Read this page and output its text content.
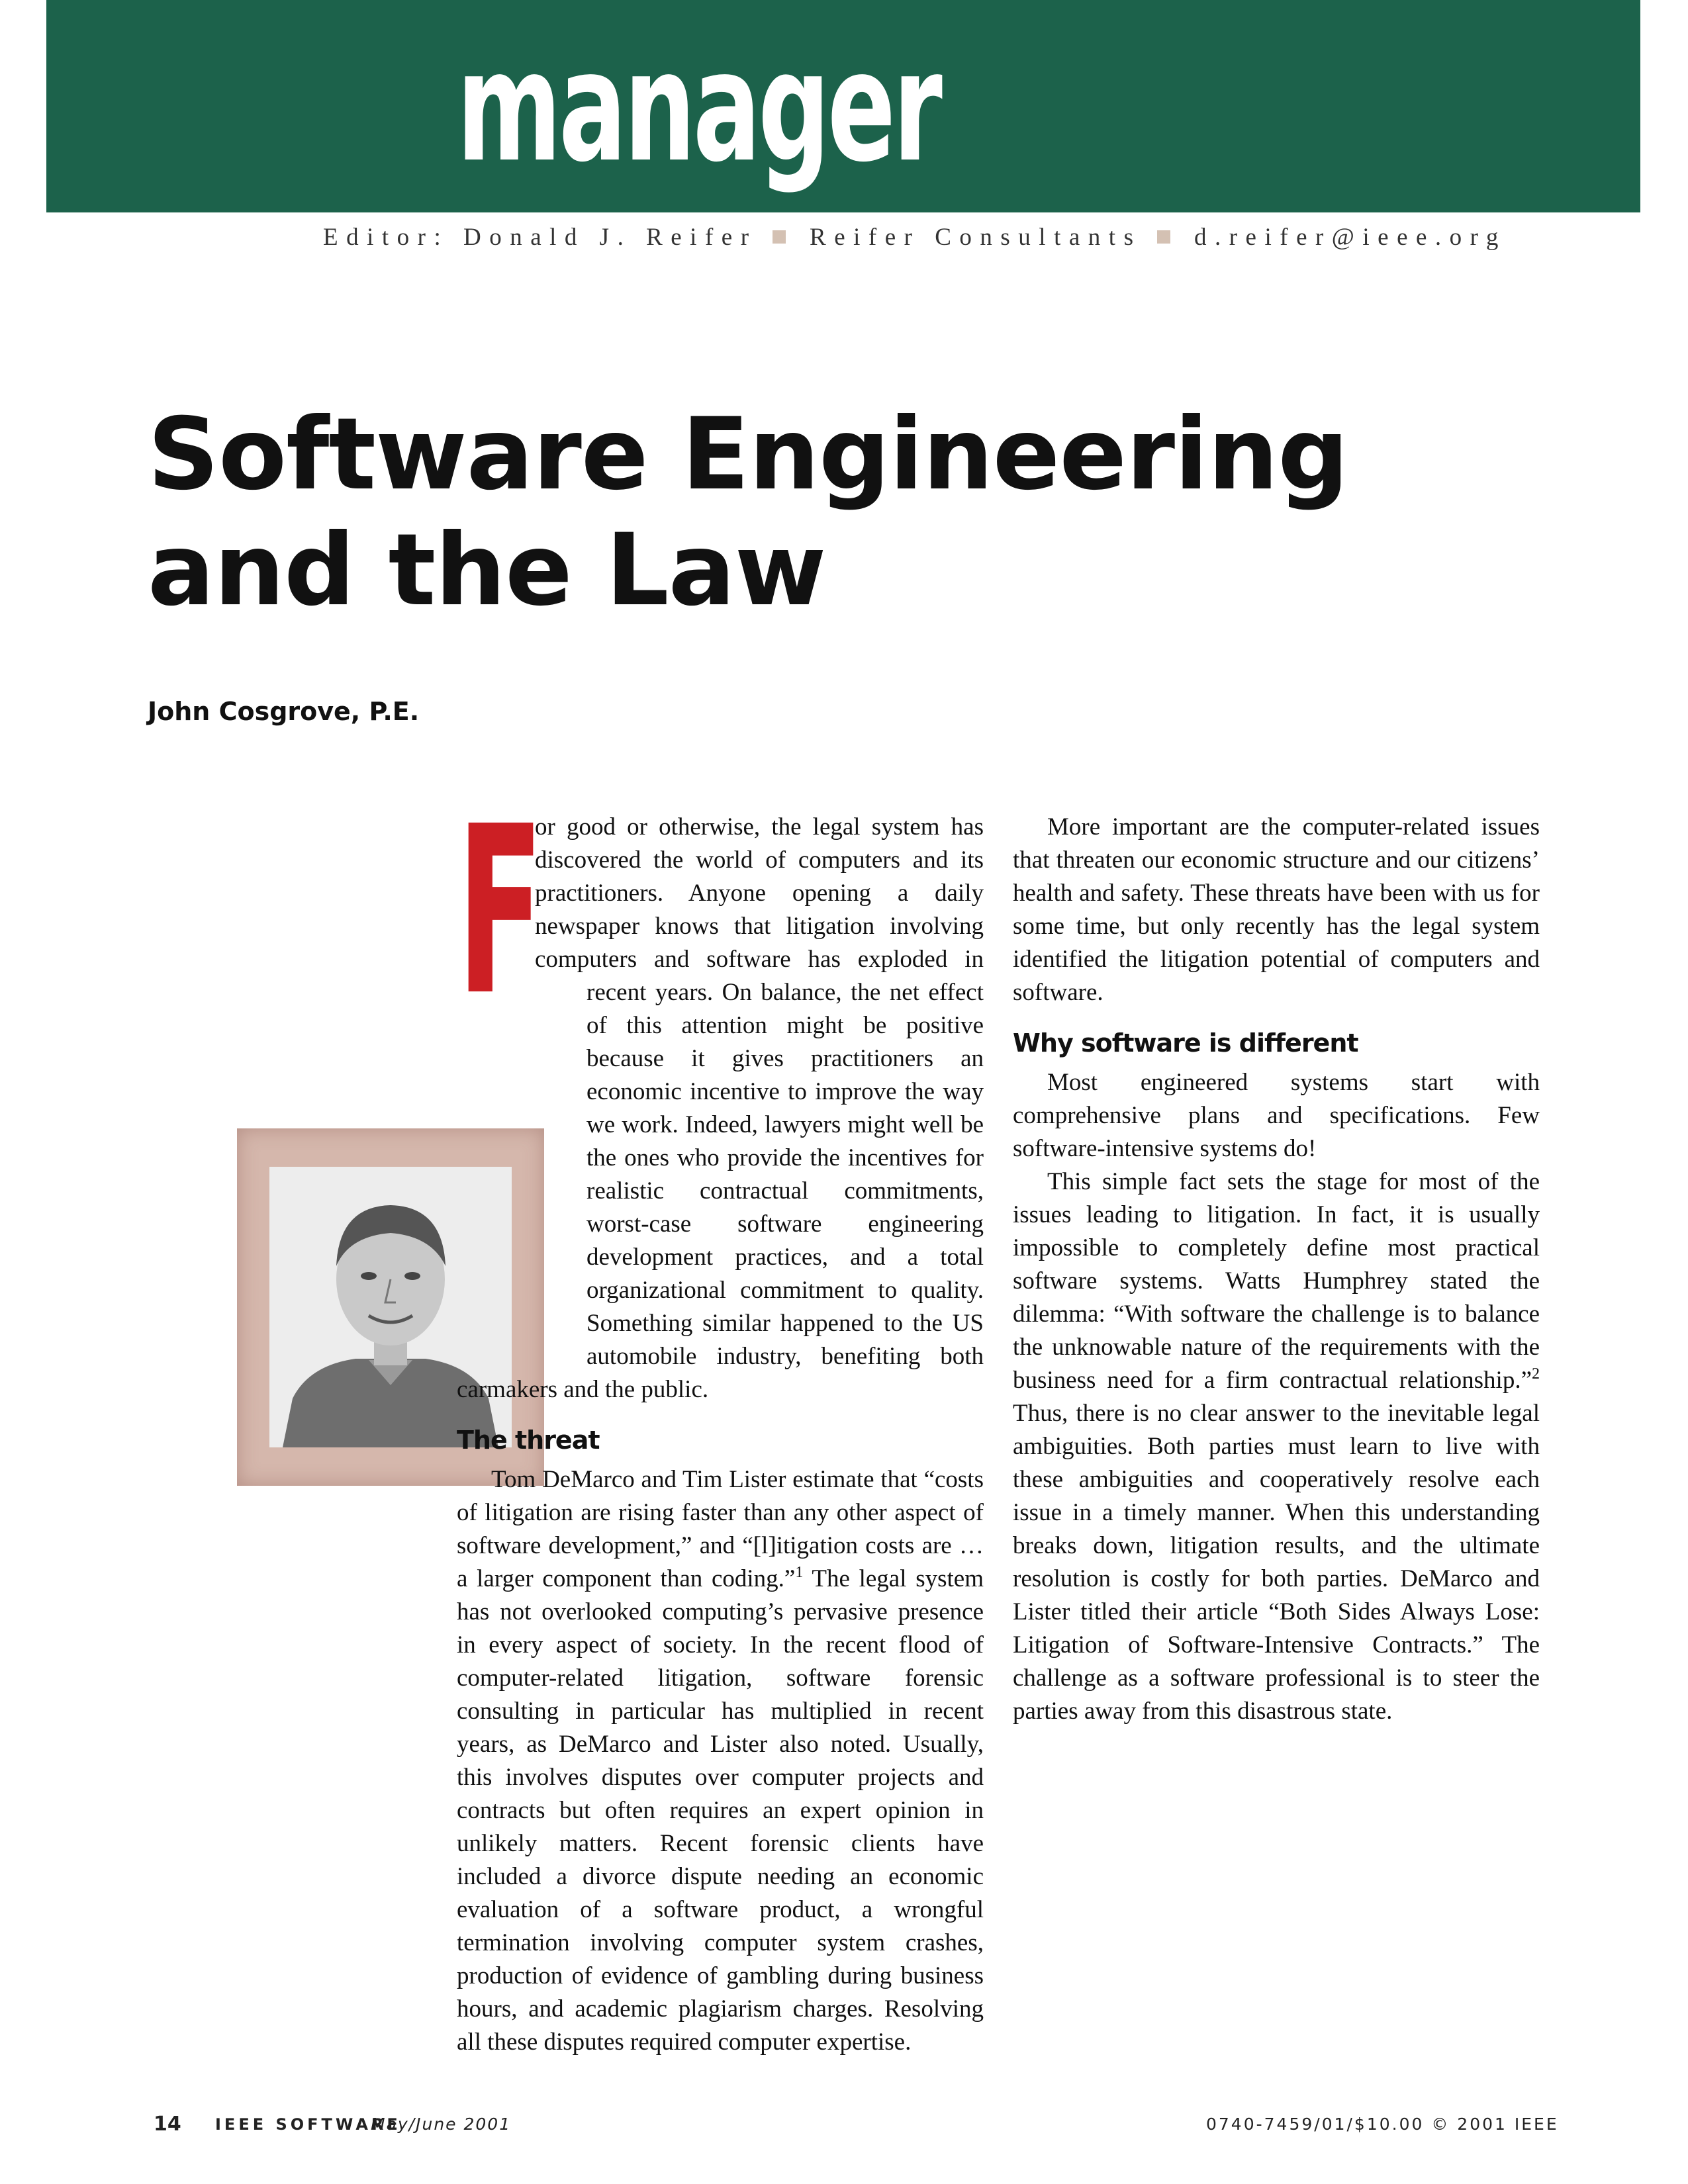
manager
Editor: Donald J. Reifer Reifer Consultants d.reifer@ieee.org
Software Engineering
and the Law
John Cosgrove, P.E.
F

or good or otherwise, the legal system has discovered the world of computers and its practitioners. Anyone opening a daily newspaper knows that litigation involving computers and software has exploded in recent years. On balance, the net effect of this attention might be positive because it gives practitioners an economic incentive to improve the way we work. Indeed, lawyers might well be the ones who provide the incentives for realistic contractual commitments, worst-case software engineering development practices, and a total organizational commitment to quality. Something similar happened to the US automobile industry, benefiting both carmakers and the public.

The threat

Tom DeMarco and Tim Lister estimate that “costs of litigation are rising faster than any other aspect of software development,” and “[l]itigation costs are … a larger component than coding.”$^1$ The legal system has not overlooked computing’s pervasive presence in every aspect of society. In the recent flood of computer-related litigation, software forensic consulting in particular has multiplied in recent years, as DeMarco and Lister also noted. Usually, this involves disputes over computer projects and contracts but often requires an expert opinion in unlikely matters. Recent forensic clients have included a divorce dispute needing an economic evaluation of a software product, a wrongful termination involving computer system crashes, production of evidence of gambling during business hours, and academic plagiarism charges. Resolving all these disputes required computer expertise.

More important are the computer-related issues that threaten our economic structure and our citizens’ health and safety. These threats have been with us for some time, but only recently has the legal system identified the litigation potential of computers and software.

Why software is different

Most engineered systems start with comprehensive plans and specifications. Few software-intensive systems do!

This simple fact sets the stage for most of the issues leading to litigation. In fact, it is usually impossible to completely define most practical software systems. Watts Humphrey stated the dilemma: “With software the challenge is to balance the unknowable nature of the requirements with the business need for a firm contractual relationship.”$^2$ Thus, there is no clear answer to the inevitable legal ambiguities. Both parties must learn to live with these ambiguities and cooperatively resolve each issue in a timely manner. When this understanding breaks down, litigation results, and the ultimate resolution is costly for both parties. DeMarco and Lister titled their article “Both Sides Always Lose: Litigation of Software-Intensive Contracts.” The challenge as a software professional is to steer the parties away from this disastrous state.

14 IEEE SOFTWARE
May/June 2001	0740-7459/01/$10.00 © 2001 IEEE
